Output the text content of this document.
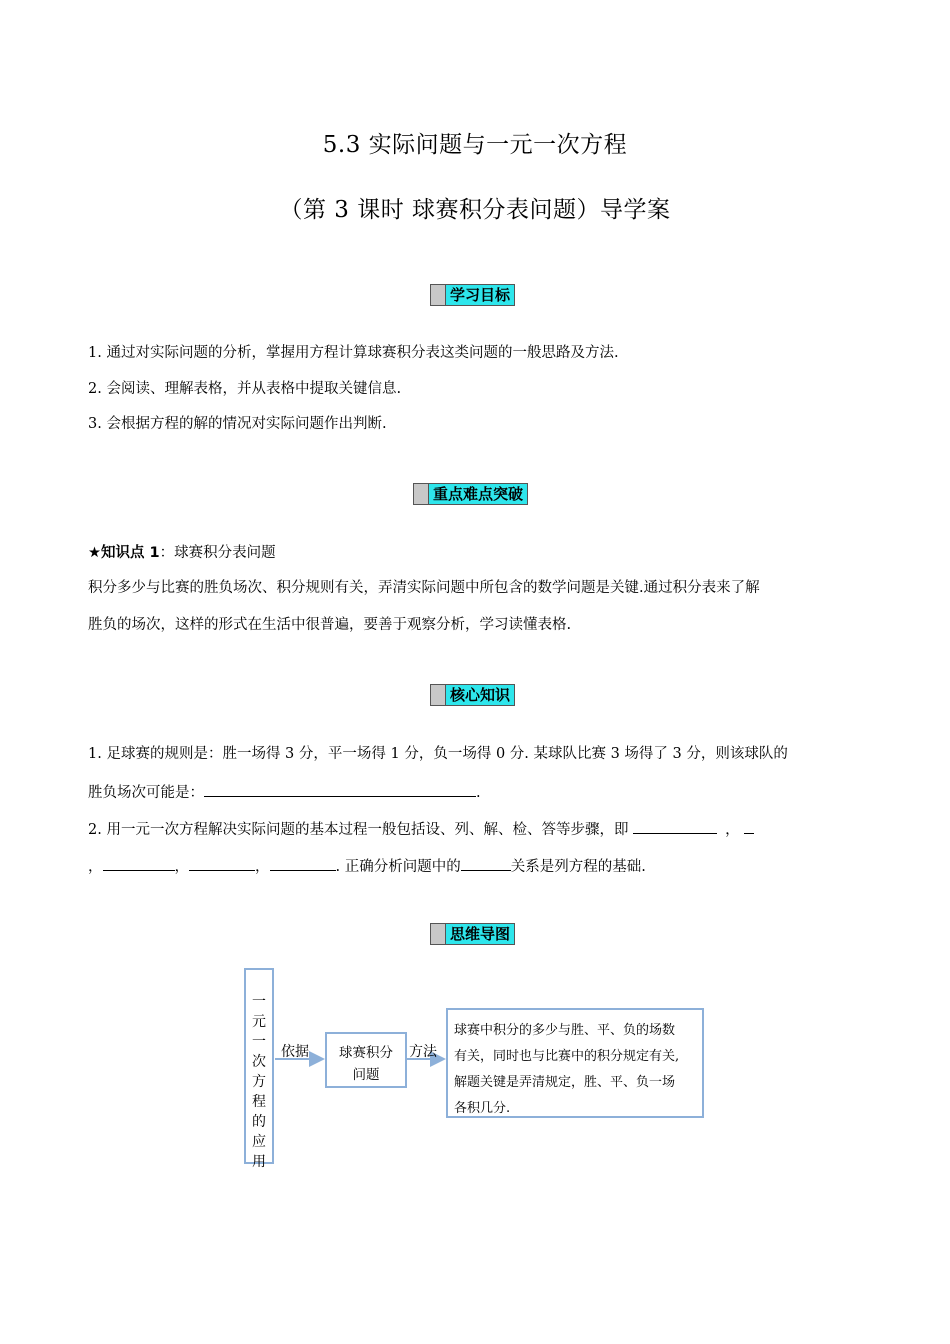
5.3 实际问题与一元一次方程
（第 3 课时 球赛积分表问题）导学案
学习目标
1. 通过对实际问题的分析，掌握用方程计算球赛积分表这类问题的一般思路及方法.
2. 会阅读、理解表格，并从表格中提取关键信息.
3. 会根据方程的解的情况对实际问题作出判断.
重点难点突破
★知识点 1：球赛积分表问题
积分多少与比赛的胜负场次、积分规则有关，弄清实际问题中所包含的数学问题是关键.通过积分表来了解
胜负的场次，这样的形式在生活中很普遍，要善于观察分析，学习读懂表格.
核心知识
1. 足球赛的规则是：胜一场得 3 分，平一场得 1 分，负一场得 0 分. 某球队比赛 3 场得了 3 分，则该球队的
胜负场次可能是：	.
2. 用一元一次方程解决实际问题的基本过程一般包括设、列、解、检、答等步骤，即	，
，	，	，	. 正确分析问题中的	关系是列方程的基础.
思维导图
一
元
一
次
方
程
的
应
用
依据	球赛积分
问题
方法
球赛中积分的多少与胜、平、负的场数
有关，同时也与比赛中的积分规定有关,
解题关键是弄清规定，胜、平、负一场
各积几分.
